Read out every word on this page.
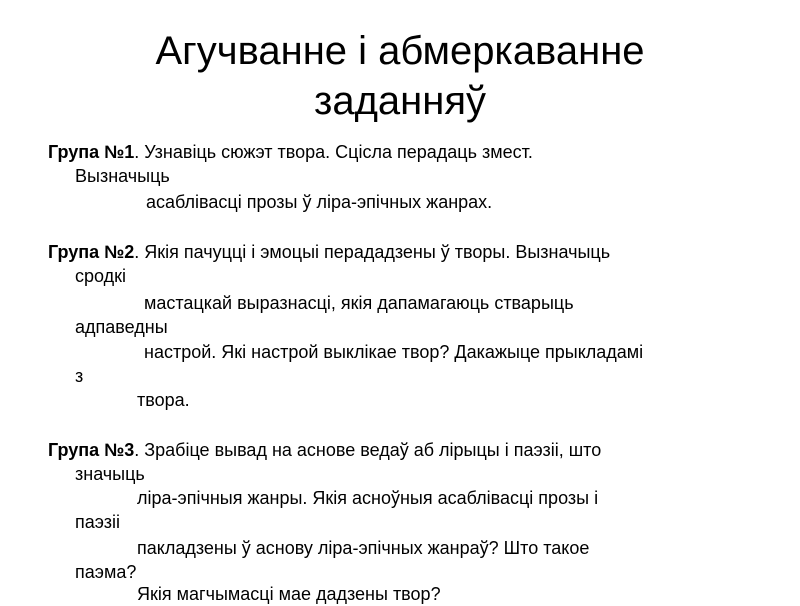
Агучванне і абмеркаванне
заданняў
Група №1. Узнавіць сюжэт твора. Сцісла перадаць змест.
Вызначыць
асаблівасці прозы ў ліра-эпічных жанрах.
Група №2. Якія пачуцці і эмоцыі перададзены ў творы. Вызначыць
сродкі
мастацкай выразнасці, якія дапамагаюць стварыць
адпаведны
настрой. Які настрой выклікае твор? Дакажыце прыкладамі
з
твора.
Група №3. Зрабіце вывад на аснове ведаў аб лірыцы і паэзіі, што
значыць
ліра-эпічныя жанры. Якія асноўныя асаблівасці прозы і
паэзіі
пакладзены ў аснову ліра-эпічных жанраў? Што такое
паэма?
Якія магчымасці мае дадзены твор?
